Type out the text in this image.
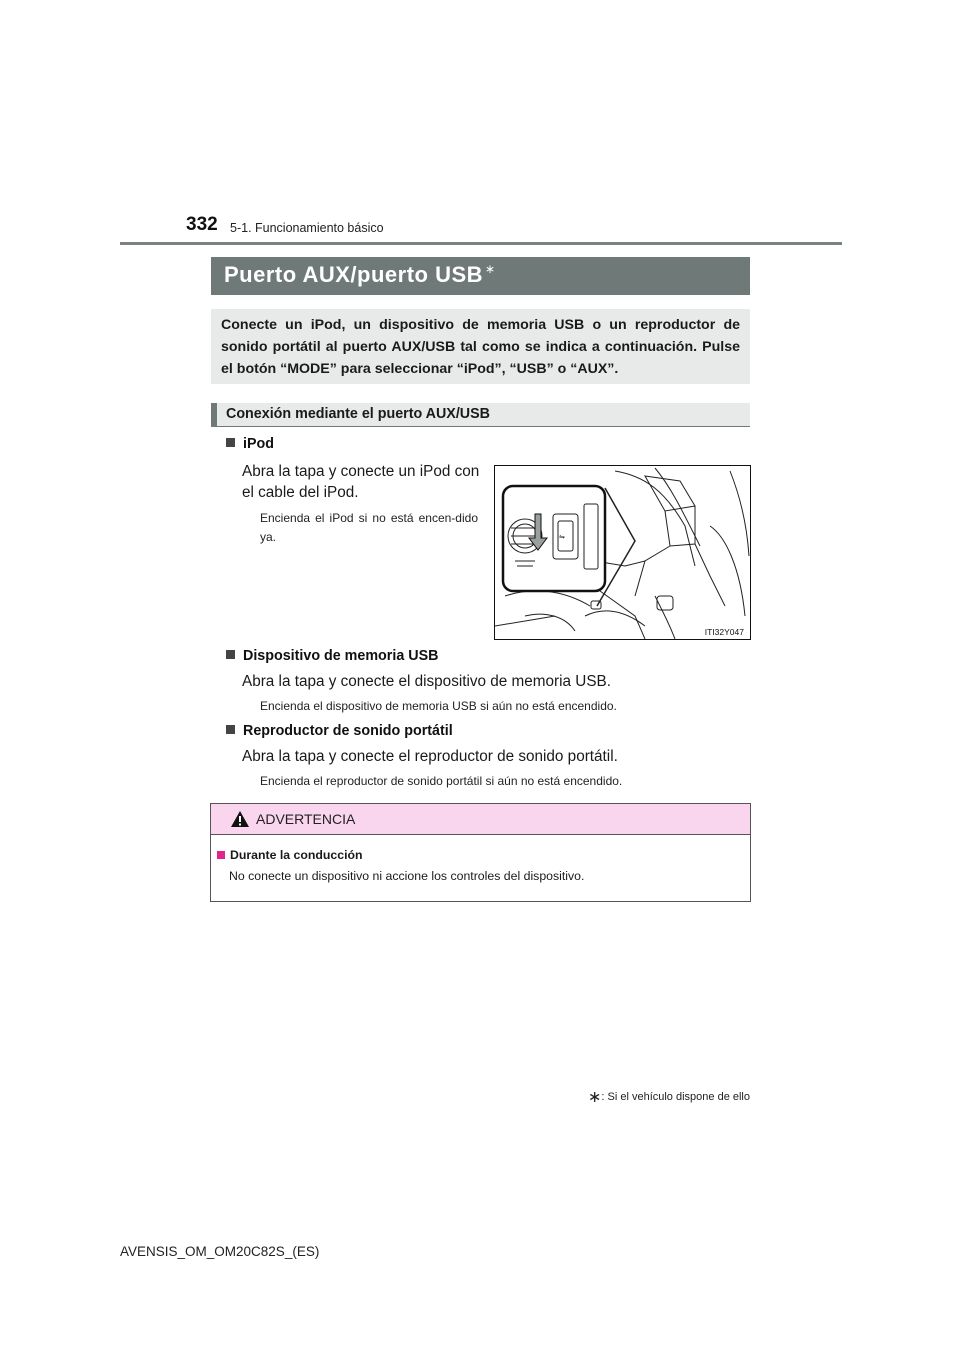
332 5-1. Funcionamiento básico
Puerto AUX/puerto USB ∗
Conecte un iPod, un dispositivo de memoria USB o un reproductor de sonido portátil al puerto AUX/USB tal como se indica a continuación. Pulse el botón “MODE” para seleccionar “iPod”, “USB” o “AUX”.
Conexión mediante el puerto AUX/USB
iPod
Abra la tapa y conecte un iPod con el cable del iPod.
Encienda el iPod si no está encen-dido ya.	⇋
ITI32Y047
Dispositivo de memoria USB
Abra la tapa y conecte el dispositivo de memoria USB.
Encienda el dispositivo de memoria USB si aún no está encendido.
Reproductor de sonido portátil
Abra la tapa y conecte el reproductor de sonido portátil.
Encienda el reproductor de sonido portátil si aún no está encendido.
ADVERTENCIA
Durante la conducción
No conecte un dispositivo ni accione los controles del dispositivo.
∗: Si el vehículo dispone de ello
AVENSIS_OM_OM20C82S_(ES)
